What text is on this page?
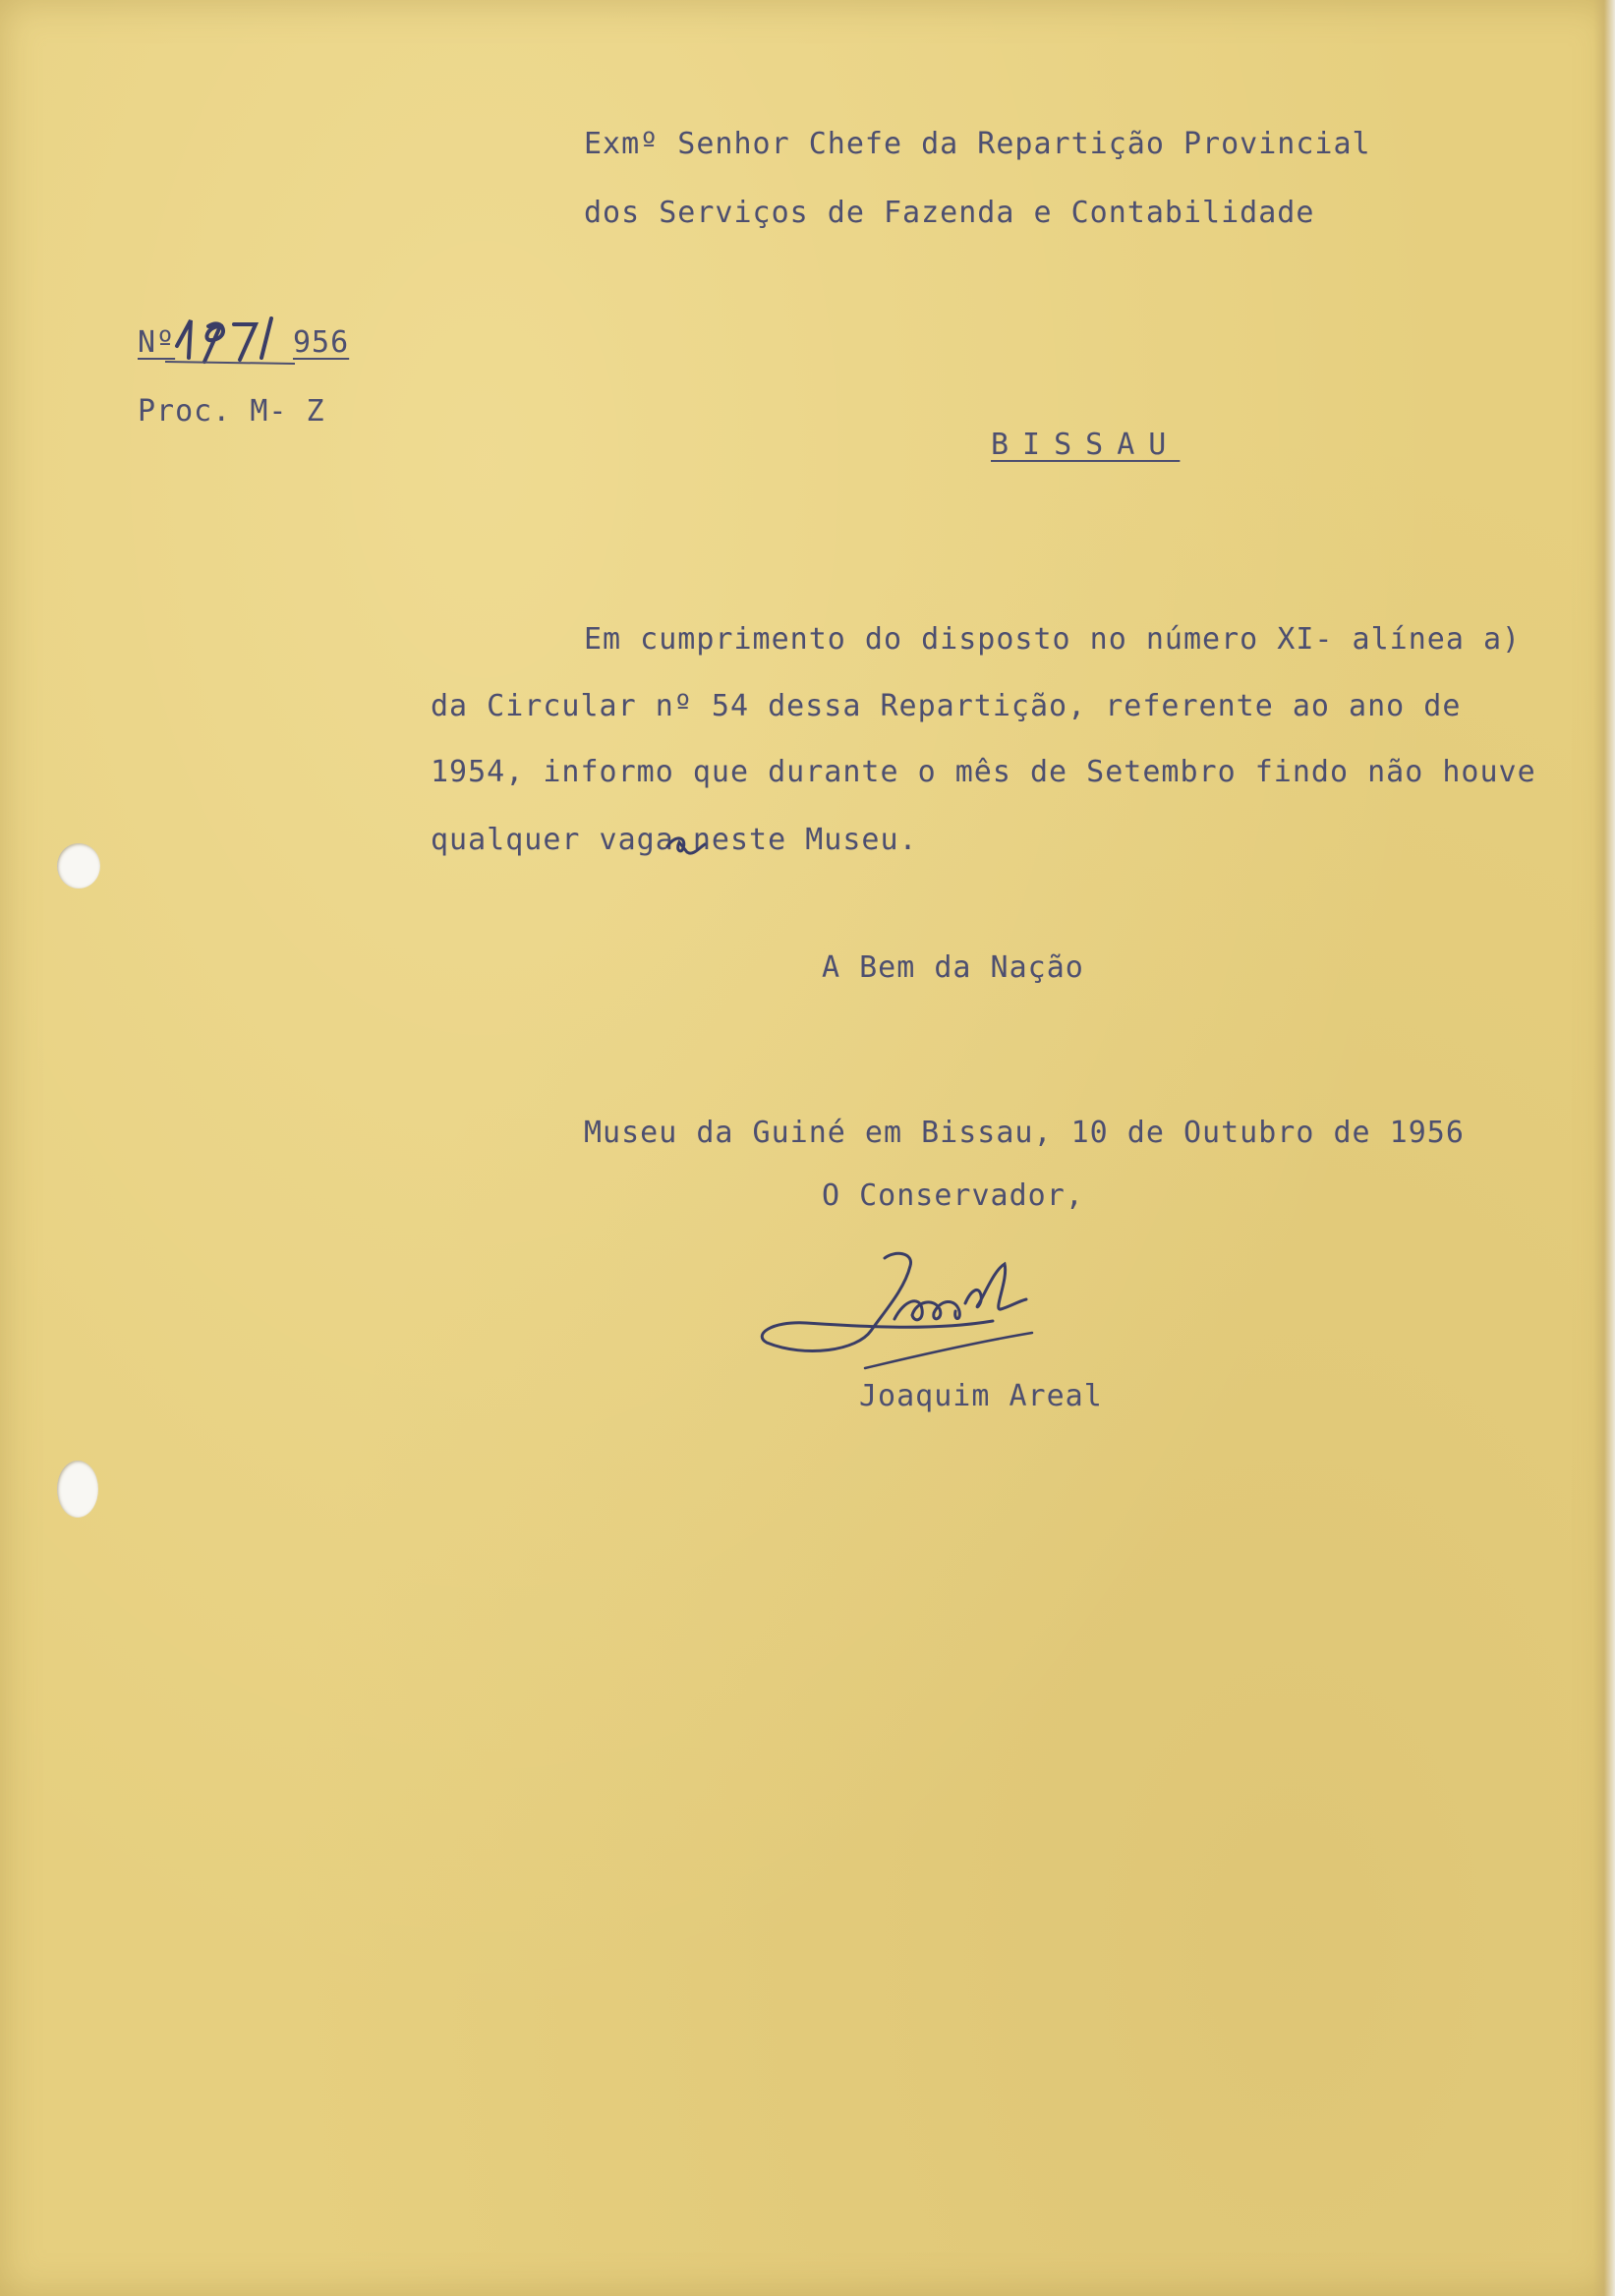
Exmº Senhor Chefe da Repartição Provincial
dos Serviços de Fazenda e Contabilidade
Nº	956
Proc. M- Z
BISSAU
Em cumprimento do disposto no número XI- alínea a)
da Circular nº 54 dessa Repartição, referente ao ano de
1954, informo que durante o mês de Setembro findo não houve
qualquer vaga neste Museu.
A Bem da Nação
Museu da Guiné em Bissau, 10 de Outubro de 1956
O Conservador,
Joaquim Areal
